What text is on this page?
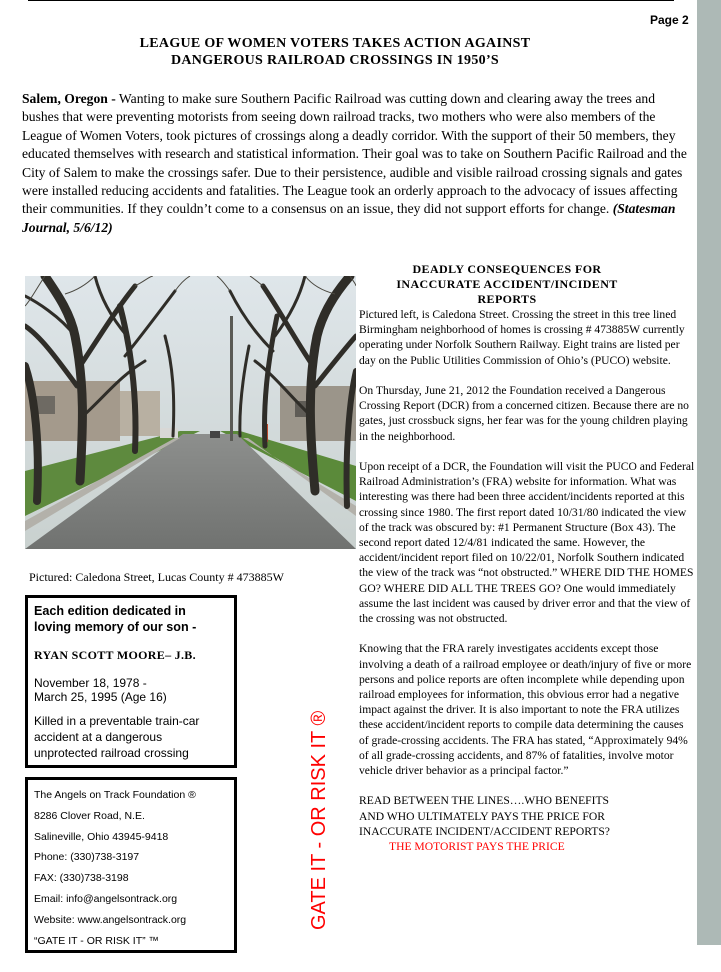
Page 2
LEAGUE OF WOMEN VOTERS TAKES ACTION AGAINST
DANGEROUS RAILROAD CROSSINGS IN 1950’S

Salem, Oregon - Wanting to make sure Southern Pacific Railroad was cutting down and clearing away the trees and bushes that were preventing motorists from seeing down railroad tracks, two mothers who were also members of the League of Women Voters, took pictures of crossings along a deadly corridor. With the support of their 50 members, they educated themselves with research and statistical information. Their goal was to take on Southern Pacific Railroad and the City of Salem to make the crossings safer. Due to their persistence, audible and visible railroad crossing signals and gates were installed reducing accidents and fatalities. The League took an orderly approach to the advocacy of issues affecting their communities. If they couldn’t come to a consensus on an issue, they did not support efforts for change. (Statesman Journal, 5/6/12)

Pictured: Caledona Street, Lucas County # 473885W
Each edition dedicated in
loving memory of our son -
RYAN SCOTT MOORE– J.B.
November 18, 1978 -
March 25, 1995 (Age 16)
Killed in a preventable train-car
accident at a dangerous
unprotected railroad crossing
The Angels on Track Foundation ®
8286 Clover Road, N.E.
Salineville, Ohio 43945-9418
Phone: (330)738-3197
FAX: (330)738-3198
Email: info@angelsontrack.org
Website: www.angelsontrack.org
“GATE IT - OR RISK IT” ™
GATE IT - OR RISK IT ®
DEADLY CONSEQUENCES FOR
INACCURATE ACCIDENT/INCIDENT
REPORTS

Pictured left, is Caledona Street. Crossing the street in this tree lined Birmingham neighborhood of homes is crossing # 473885W currently operating under Norfolk Southern Railway. Eight trains are listed per day on the Public Utilities Commission of Ohio’s (PUCO) website.

On Thursday, June 21, 2012 the Foundation received a Dangerous Crossing Report (DCR) from a concerned citizen. Because there are no gates, just crossbuck signs, her fear was for the young children playing in the neighborhood.

Upon receipt of a DCR, the Foundation will visit the PUCO and Federal Railroad Administration’s (FRA) website for information. What was interesting was there had been three accident/incidents reported at this crossing since 1980. The first report dated 10/31/80 indicated the view of the track was obscured by: #1 Permanent Structure (Box 43). The second report dated 12/4/81 indicated the same. However, the accident/incident report filed on 10/22/01, Norfolk Southern indicated the view of the track was “not obstructed.” WHERE DID THE HOMES GO? WHERE DID ALL THE TREES GO? One would immediately assume the last incident was caused by driver error and that the view of the crossing was not obstructed.

Knowing that the FRA rarely investigates accidents except those involving a death of a railroad employee or death/injury of five or more persons and police reports are often incomplete while depending upon railroad employees for information, this obvious error had a negative impact against the driver. It is also important to note the FRA utilizes these accident/incident reports to compile data determining the causes of grade-crossing accidents. The FRA has stated, “Approximately 94% of all grade-crossing accidents, and 87% of fatalities, involve motor vehicle driver behavior as a principal factor.”

READ BETWEEN THE LINES….WHO BENEFITS
AND WHO ULTIMATELY PAYS THE PRICE FOR
INACCURATE INCIDENT/ACCIDENT REPORTS?
THE MOTORIST PAYS THE PRICE
